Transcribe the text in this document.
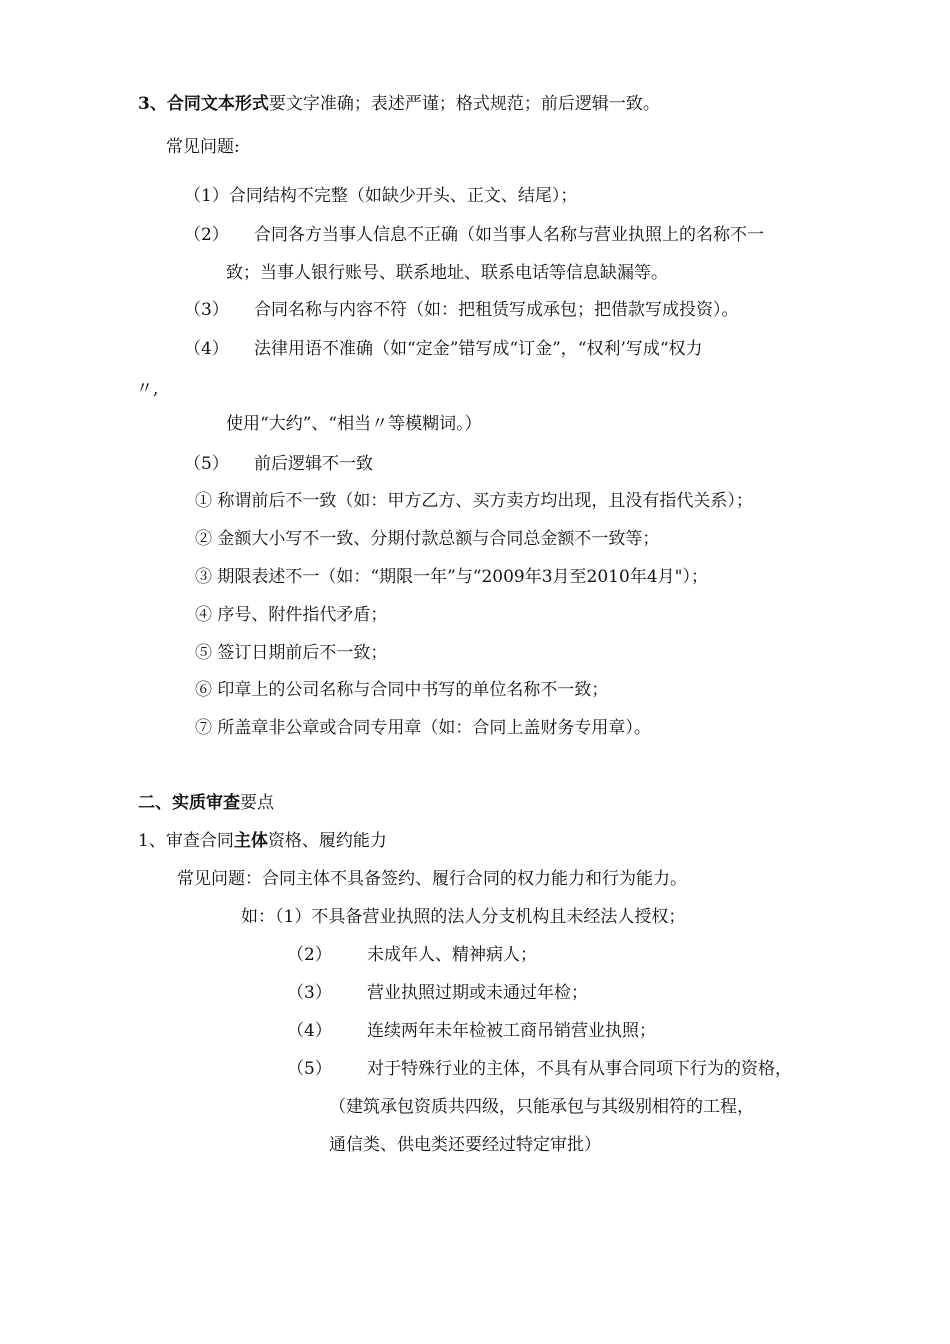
3、合同文本形式要文字准确；表述严谨；格式规范；前后逻辑一致。
常见问题:
（1）合同结构不完整（如缺少开头、正文、结尾）；
（2） 合同各方当事人信息不正确（如当事人名称与营业执照上的名称不一
致；当事人银行账号、联系地址、联系电话等信息缺漏等。
（3） 合同名称与内容不符（如：把租赁写成承包；把借款写成投资）。
（4） 法律用语不准确（如“定金”错写成“订金”，“权利’写成“权力
〃,
使用“大约”、“相当〃等模糊词。）
（5） 前后逻辑不一致
① 称谓前后不一致（如：甲方乙方、买方卖方均出现，且没有指代关系）；
② 金额大小写不一致、分期付款总额与合同总金额不一致等；
③ 期限表述不一（如：“期限一年”与“2009年3月至2010年4月"）；
④ 序号、附件指代矛盾；
⑤ 签订日期前后不一致；
⑥ 印章上的公司名称与合同中书写的单位名称不一致；
⑦ 所盖章非公章或合同专用章（如：合同上盖财务专用章）。
二、实质审查要点
1、审查合同主体资格、履约能力
常见问题：合同主体不具备签约、履行合同的权力能力和行为能力。
如：（1）不具备营业执照的法人分支机构且未经法人授权；
（2） 未成年人、精神病人；
（3） 营业执照过期或未通过年检；
（4） 连续两年未年检被工商吊销营业执照；
（5） 对于特殊行业的主体，不具有从事合同项下行为的资格，
（建筑承包资质共四级，只能承包与其级别相符的工程，
通信类、供电类还要经过特定审批）
